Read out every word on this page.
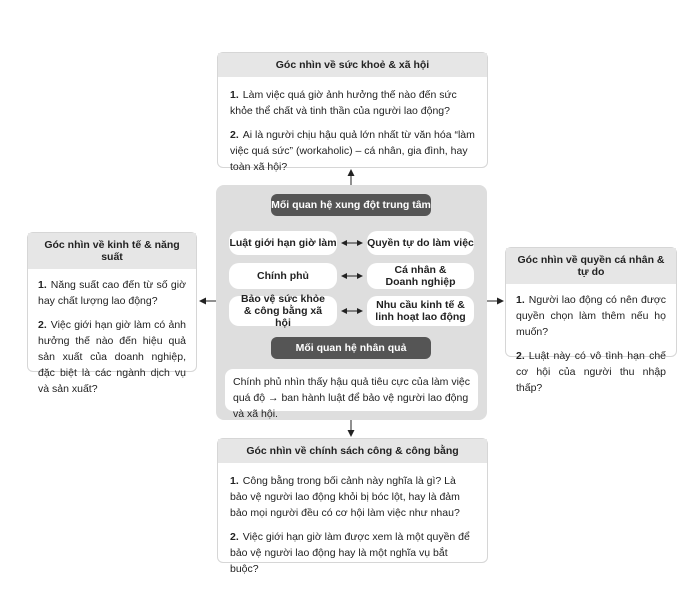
Góc nhìn về sức khoẻ & xã hội

1. Làm việc quá giờ ảnh hưởng thế nào đến sức khỏe thể chất và tinh thần của người lao động?

2. Ai là người chịu hậu quả lớn nhất từ văn hóa “làm việc quá sức” (workaholic) – cá nhân, gia đình, hay toàn xã hội?

Góc nhìn về kinh tế & năng suất

1. Năng suất cao đến từ số giờ hay chất lượng lao động?

2. Việc giới hạn giờ làm có ảnh hưởng thế nào đến hiệu quả sản xuất của doanh nghiệp, đặc biệt là các ngành dịch vụ và sản xuất?

Góc nhìn về quyền cá nhân & tự do

1. Người lao động có nên được quyền chọn làm thêm nếu họ muốn?

2. Luật này có vô tình hạn chế cơ hội của người thu nhập thấp?

Góc nhìn về chính sách công & công bằng

1. Công bằng trong bối cảnh này nghĩa là gì? Là bảo vệ người lao động khỏi bị bóc lột, hay là đảm bảo mọi người đều có cơ hội làm việc như nhau?

2. Việc giới hạn giờ làm được xem là một quyền để bảo vệ người lao động hay là một nghĩa vụ bắt buộc?

Mối quan hệ xung đột trung tâm
Luật giới hạn giờ làm	Quyền tự do làm việc
Chính phủ	Cá nhân & Doanh nghiệp
Bảo vệ sức khỏe & công bằng xã hội
Nhu cầu kinh tế & linh hoạt lao động
Mối quan hệ nhân quả
Chính phủ nhìn thấy hậu quả tiêu cực của làm việc quá độ → ban hành luật để bảo vệ người lao động và xã hội.
